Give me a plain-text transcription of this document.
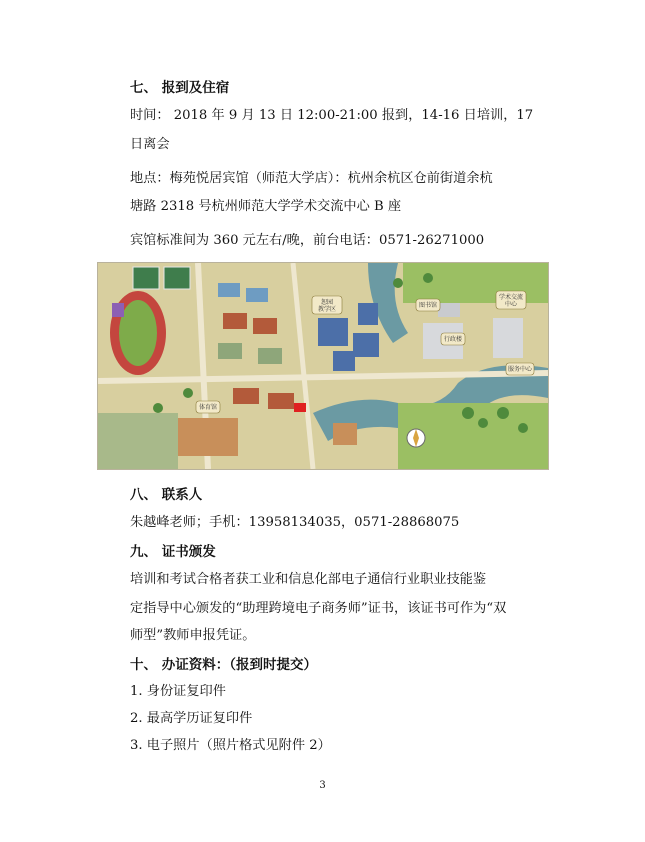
七、 报到及住宿
时间： 2018 年 9 月 13 日 12:00-21:00 报到，14-16 日培训，17
日离会
地点：梅苑悦居宾馆（师范大学店）：杭州余杭区仓前街道余杭
塘路 2318 号杭州师范大学学术交流中心 B 座
宾馆标准间为 360 元左右/晚，前台电话：0571-26271000
恕园
教学区
图书馆
学术交流
中心
行政楼
体育馆
服务中心
八、 联系人
朱越峰老师；手机：13958134035，0571-28868075
九、 证书颁发
培训和考试合格者获工业和信息化部电子通信行业职业技能鉴
定指导中心颁发的“助理跨境电子商务师”证书，该证书可作为“双
师型”教师申报凭证。
十、 办证资料：（报到时提交）
1. 身份证复印件
2. 最高学历证复印件
3. 电子照片（照片格式见附件 2）
3
